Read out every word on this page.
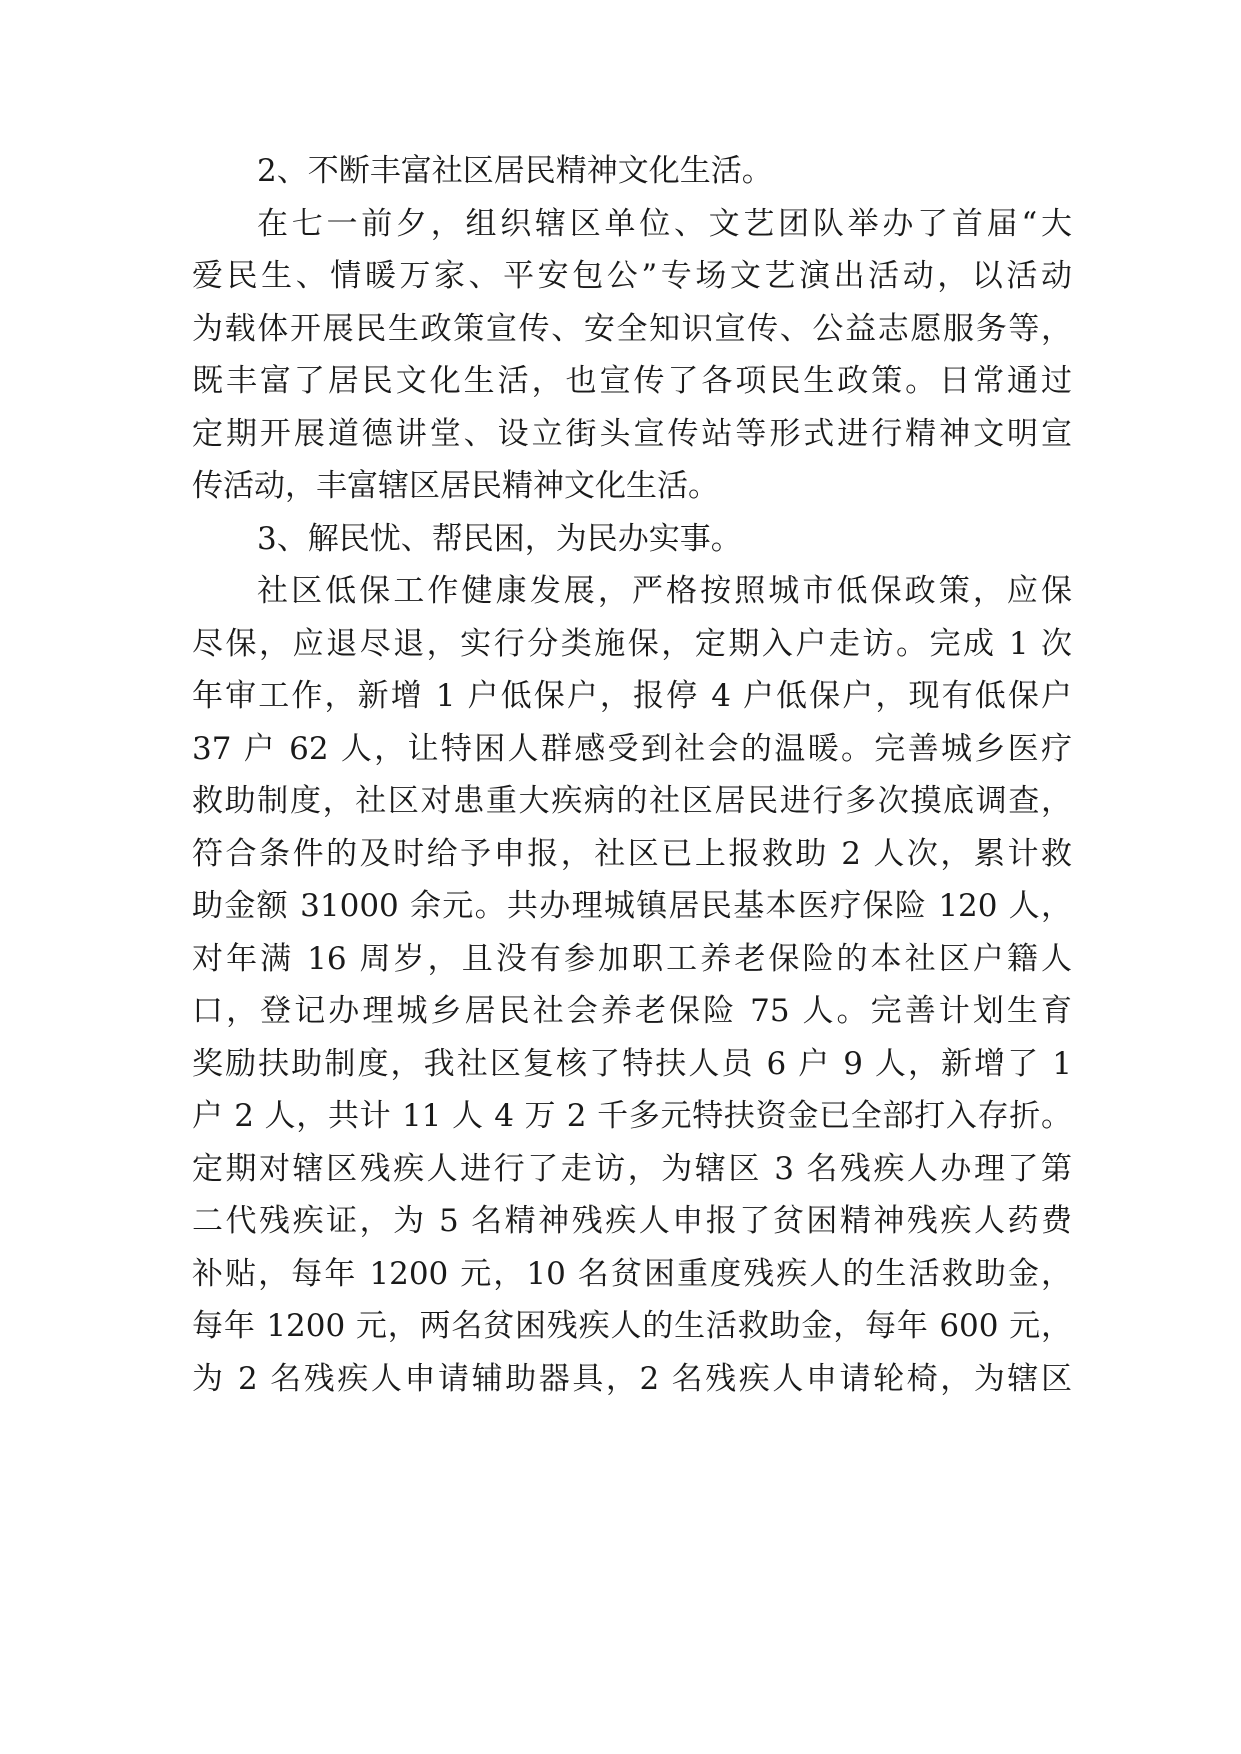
2、不断丰富社区居民精神文化生活。
在七一前夕，组织辖区单位、文艺团队举办了首届“大
爱民生、情暖万家、平安包公”专场文艺演出活动，以活动
为载体开展民生政策宣传、安全知识宣传、公益志愿服务等，
既丰富了居民文化生活，也宣传了各项民生政策。日常通过
定期开展道德讲堂、设立街头宣传站等形式进行精神文明宣
传活动，丰富辖区居民精神文化生活。
3、解民忧、帮民困，为民办实事。
社区低保工作健康发展，严格按照城市低保政策，应保
尽保，应退尽退，实行分类施保，定期入户走访。完成 1 次
年审工作，新增 1 户低保户，报停 4 户低保户，现有低保户
37 户 62 人，让特困人群感受到社会的温暖。完善城乡医疗
救助制度，社区对患重大疾病的社区居民进行多次摸底调查，
符合条件的及时给予申报，社区已上报救助 2 人次，累计救
助金额 31000 余元。共办理城镇居民基本医疗保险 120 人，
对年满 16 周岁，且没有参加职工养老保险的本社区户籍人
口，登记办理城乡居民社会养老保险 75 人。完善计划生育
奖励扶助制度，我社区复核了特扶人员 6 户 9 人，新增了 1
户 2 人，共计 11 人 4 万 2 千多元特扶资金已全部打入存折。
定期对辖区残疾人进行了走访，为辖区 3 名残疾人办理了第
二代残疾证，为 5 名精神残疾人申报了贫困精神残疾人药费
补贴，每年 1200 元，10 名贫困重度残疾人的生活救助金，
每年 1200 元，两名贫困残疾人的生活救助金，每年 600 元，
为 2 名残疾人申请辅助器具，2 名残疾人申请轮椅，为辖区
